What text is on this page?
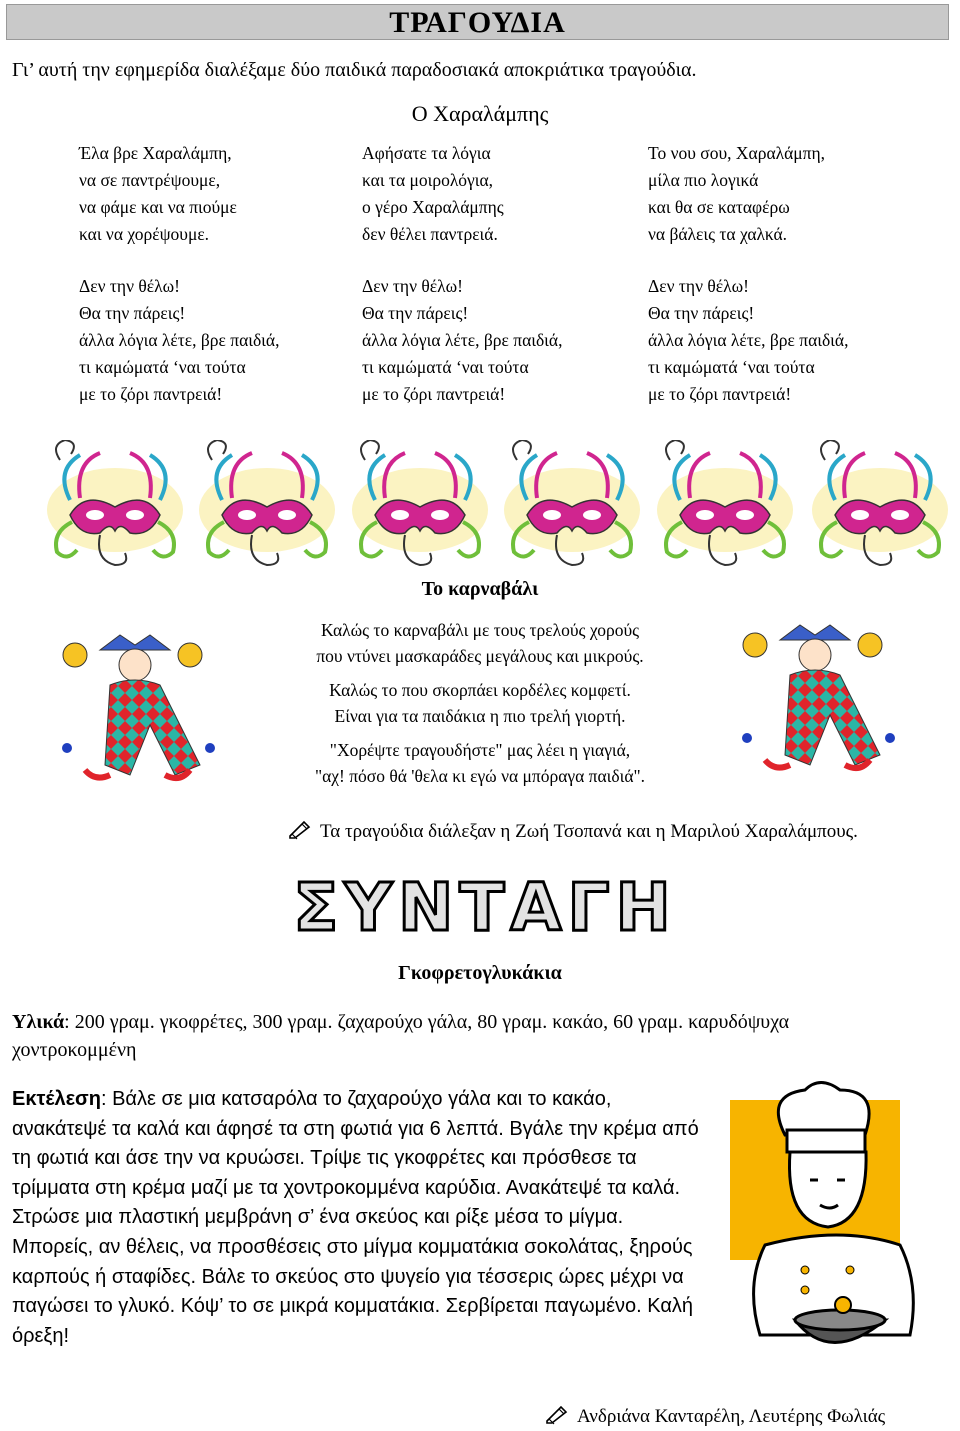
ΤΡΑΓΟΥΔΙΑ
Γι’ αυτή την εφημερίδα διαλέξαμε δύο παιδικά παραδοσιακά αποκριάτικα τραγούδια.
Ο Χαραλάμπης
Έλα βρε Χαραλάμπη,
να σε παντρέψουμε,
να φάμε και να πιούμε
και να χορέψουμε.
Δεν την θέλω!
Θα την πάρεις!
άλλα λόγια λέτε, βρε παιδιά,
τι καμώματά ‘ναι τούτα
με το ζόρι παντρειά!
Αφήσατε τα λόγια
και τα μοιρολόγια,
ο γέρο Χαραλάμπης
δεν θέλει παντρειά.
Δεν την θέλω!
Θα την πάρεις!
άλλα λόγια λέτε, βρε παιδιά,
τι καμώματά ‘ναι τούτα
με το ζόρι παντρειά!
Το νου σου, Χαραλάμπη,
μίλα πιο λογικά
και θα σε καταφέρω
να βάλεις τα χαλκά.
Δεν την θέλω!
Θα την πάρεις!
άλλα λόγια λέτε, βρε παιδιά,
τι καμώματά ‘ναι τούτα
με το ζόρι παντρειά!
Το καρναβάλι
Καλώς το καρναβάλι με τους τρελούς χορούς
που ντύνει μασκαράδες μεγάλους και μικρούς.
Καλώς το που σκορπάει κορδέλες κομφετί.
Είναι για τα παιδάκια η πιο τρελή γιορτή.
"Χορέψτε τραγουδήστε" μας λέει η γιαγιά,
"αχ! πόσο θά 'θελα κι εγώ να μπόραγα παιδιά".
Τα τραγούδια διάλεξαν η Ζωή Τσοπανά και η Μαριλού Χαραλάμπους.
ΣΥΝΤΑΓΗ
Γκοφρετογλυκάκια
Υλικά: 200 γραμ. γκοφρέτες, 300 γραμ. ζαχαρούχο γάλα, 80 γραμ. κακάο, 60 γραμ. καρυδόψυχα χοντροκομμένη
Εκτέλεση: Βάλε σε μια κατσαρόλα το ζαχαρούχο γάλα και το κακάο, ανακάτεψέ τα καλά και άφησέ τα στη φωτιά για 6 λεπτά. Βγάλε την κρέμα από τη φωτιά και άσε την να κρυώσει. Τρίψε τις γκοφρέτες και πρόσθεσε τα τρίμματα στη κρέμα μαζί με τα χοντροκομμένα καρύδια. Ανακάτεψέ τα καλά. Στρώσε μια πλαστική μεμβράνη σ’ ένα σκεύος και ρίξε μέσα το μίγμα. Μπορείς, αν θέλεις, να προσθέσεις στο μίγμα κομματάκια σοκολάτας, ξηρούς καρπούς ή σταφίδες. Βάλε το σκεύος στο ψυγείο για τέσσερις ώρες μέχρι να παγώσει το γλυκό. Κόψ’ το σε μικρά κομματάκια. Σερβίρεται παγωμένο. Καλή όρεξη!
Ανδριάνα Κανταρέλη, Λευτέρης Φωλιάς
